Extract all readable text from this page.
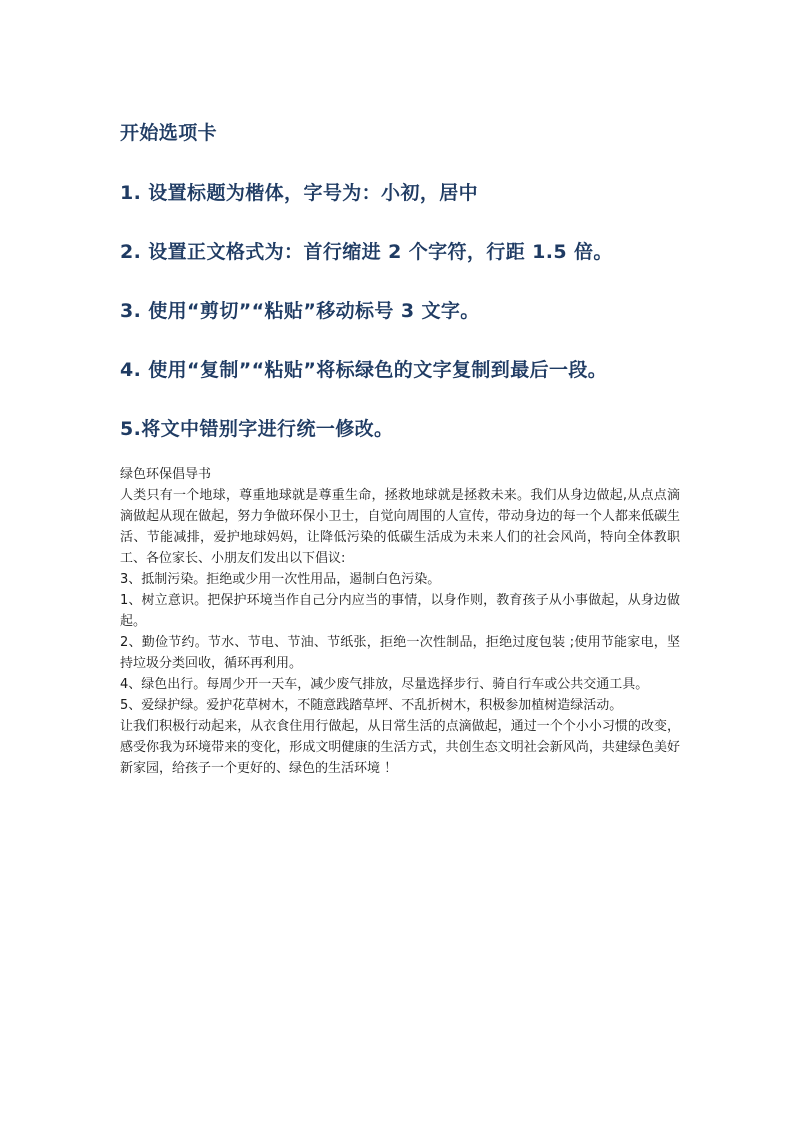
开始选项卡
1. 设置标题为楷体，字号为：小初，居中
2. 设置正文格式为：首行缩进 2 个字符，行距 1.5 倍。
3. 使用“剪切”“粘贴”移动标号 3 文字。
4. 使用“复制”“粘贴”将标绿色的文字复制到最后一段。
5.将文中错别字进行统一修改。

绿色环保倡导书

人类只有一个地球，尊重地球就是尊重生命，拯救地球就是拯救未来。我们从身边做起,从点点滴滴做起从现在做起，努力争做环保小卫士，自觉向周围的人宣传，带动身边的每一个人都来低碳生活、节能减排，爱护地球妈妈，让降低污染的低碳生活成为未来人们的社会风尚，特向全体教职工、各位家长、小朋友们发出以下倡议:

3、抵制污染。拒绝或少用一次性用品，遏制白色污染。

1、树立意识。把保护环境当作自己分内应当的事情，以身作则，教育孩子从小事做起，从身边做起。

2、勤俭节约。节水、节电、节油、节纸张，拒绝一次性制品，拒绝过度包装 ;使用节能家电，坚持垃圾分类回收，循环再利用。

4、绿色出行。每周少开一天车，减少废气排放，尽量选择步行、骑自行车或公共交通工具。

5、爱绿护绿。爱护花草树木，不随意践踏草坪、不乱折树木，积极参加植树造绿活动。

让我们积极行动起来，从衣食住用行做起，从日常生活的点滴做起，通过一个个小小习惯的改变，感受你我为环境带来的变化，形成文明健康的生活方式，共创生态文明社会新风尚，共建绿色美好新家园，给孩子一个更好的、绿色的生活环境 ！
